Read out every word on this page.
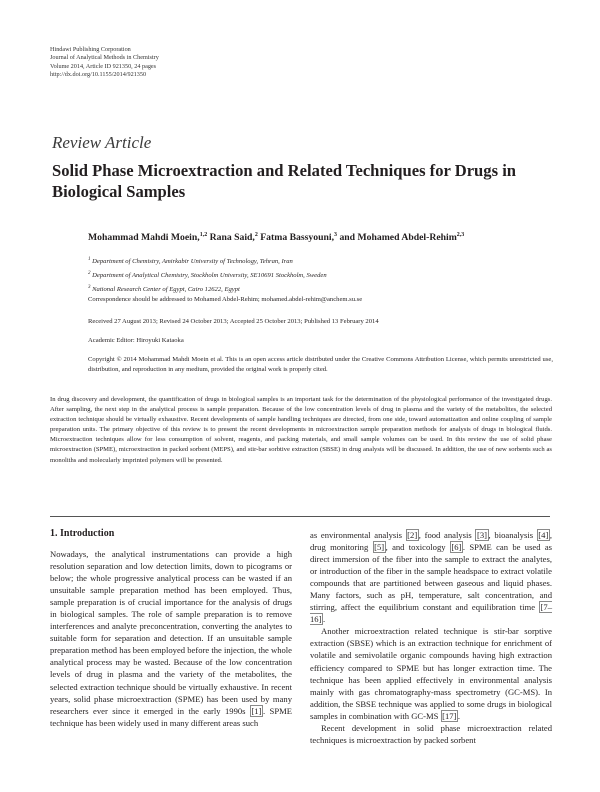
Hindawi Publishing Corporation
Journal of Analytical Methods in Chemistry
Volume 2014, Article ID 921350, 24 pages
http://dx.doi.org/10.1155/2014/921350
Review Article
Solid Phase Microextraction and Related Techniques for Drugs in Biological Samples
Mohammad Mahdi Moein,$^{1,2}$ Rana Said,$^2$ Fatma Bassyouni,$^3$ and Mohamed Abdel-Rehim$^{2,3}$
$^1$ Department of Chemistry, Amirkabir University of Technology, Tehran, Iran
$^2$ Department of Analytical Chemistry, Stockholm University, SE10691 Stockholm, Sweden
$^3$ National Research Center of Egypt, Cairo 12622, Egypt
Correspondence should be addressed to Mohamed Abdel-Rehim; mohamed.abdel-rehim@anchem.su.se
Received 27 August 2013; Revised 24 October 2013; Accepted 25 October 2013; Published 13 February 2014
Academic Editor: Hiroyuki Kataoka
Copyright © 2014 Mohammad Mahdi Moein et al. This is an open access article distributed under the Creative Commons Attribution License, which permits unrestricted use, distribution, and reproduction in any medium, provided the original work is properly cited.
In drug discovery and development, the quantification of drugs in biological samples is an important task for the determination of the physiological performance of the investigated drugs. After sampling, the next step in the analytical process is sample preparation. Because of the low concentration levels of drug in plasma and the variety of the metabolites, the selected extraction technique should be virtually exhaustive. Recent developments of sample handling techniques are directed, from one side, toward automatization and online coupling of sample preparation units. The primary objective of this review is to present the recent developments in microextraction sample preparation methods for analysis of drugs in biological fluids. Microextraction techniques allow for less consumption of solvent, reagents, and packing materials, and small sample volumes can be used. In this review the use of solid phase microextraction (SPME), microextraction in packed sorbent (MEPS), and stir-bar sorbtive extraction (SBSE) in drug analysis will be discussed. In addition, the use of new sorbents such as monoliths and molecularly imprinted polymers will be presented.

1. Introduction

Nowadays, the analytical instrumentations can provide a high resolution separation and low detection limits, down to picograms or below; the whole progressive analytical process can be wasted if an unsuitable sample preparation method has been employed. Thus, sample preparation is of crucial importance for the analysis of drugs in biological samples. The role of sample preparation is to remove interferences and analyte preconcentration, converting the analytes to suitable form for separation and detection. If an unsuitable sample preparation method has been employed before the injection, the whole analytical process may be wasted. Because of the low concentration levels of drug in plasma and the variety of the metabolites, the selected extraction technique should be virtually exhaustive. In recent years, solid phase microextraction (SPME) has been used by many researchers ever since it emerged in the early 1990s [1] . SPME technique has been widely used in many different areas such

as environmental analysis [2] , food analysis [3] , bioanalysis [4] , drug monitoring [5] , and toxicology [6] . SPME can be used as direct immersion of the fiber into the sample to extract the analytes, or introduction of the fiber in the sample headspace to extract volatile compounds that are partitioned between gaseous and liquid phases. Many factors, such as pH, temperature, salt concentration, and stirring, affect the equilibrium constant and equilibration time [7–16] .

Another microextraction related technique is stir-bar sorptive extraction (SBSE) which is an extraction technique for enrichment of volatile and semivolatile organic compounds having high extraction efficiency compared to SPME but has longer extraction time. The technique has been applied effectively in environmental analysis mainly with gas chromatography-mass spectrometry (GC-MS). In addition, the SBSE technique was applied to some drugs in biological samples in combination with GC-MS [17] .

Recent development in solid phase microextraction related techniques is microextraction by packed sorbent
